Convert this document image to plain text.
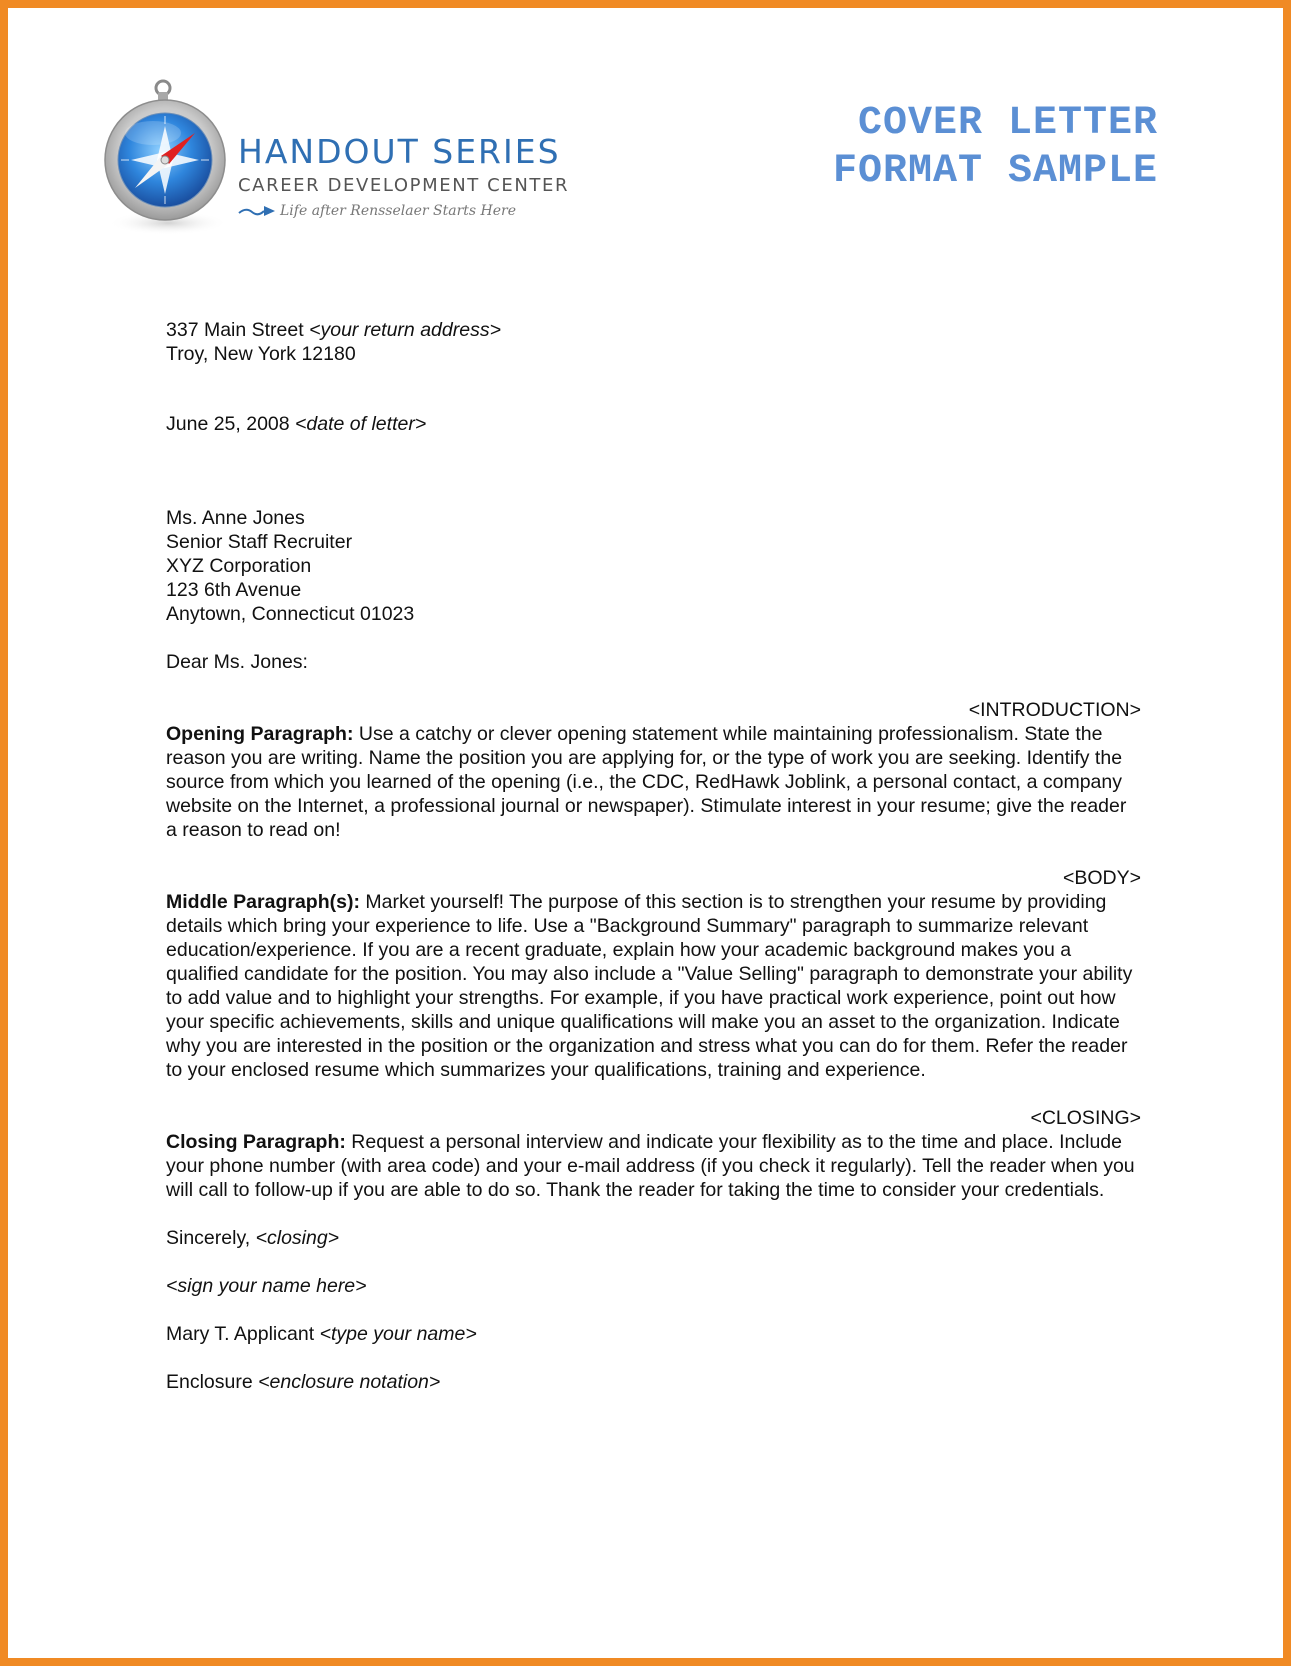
HANDOUT SERIES
CAREER DEVELOPMENT CENTER
Life after Rensselaer Starts Here
COVER LETTER
FORMAT SAMPLE
337 Main Street <your return address>
Troy, New York 12180
June 25, 2008 <date of letter>
Ms. Anne Jones
Senior Staff Recruiter
XYZ Corporation
123 6th Avenue
Anytown, Connecticut 01023
Dear Ms. Jones:
<INTRODUCTION>

Opening Paragraph: Use a catchy or clever opening statement while maintaining professionalism. State the reason you are writing. Name the position you are applying for, or the type of work you are seeking. Identify the source from which you learned of the opening (i.e., the CDC, RedHawk Joblink, a personal contact, a company website on the Internet, a professional journal or newspaper). Stimulate interest in your resume; give the reader a reason to read on!

<BODY>

Middle Paragraph(s): Market yourself! The purpose of this section is to strengthen your resume by providing details which bring your experience to life. Use a "Background Summary" paragraph to summarize relevant education/experience. If you are a recent graduate, explain how your academic background makes you a qualified candidate for the position. You may also include a "Value Selling" paragraph to demonstrate your ability to add value and to highlight your strengths. For example, if you have practical work experience, point out how your specific achievements, skills and unique qualifications will make you an asset to the organization. Indicate why you are interested in the position or the organization and stress what you can do for them. Refer the reader to your enclosed resume which summarizes your qualifications, training and experience.

<CLOSING>

Closing Paragraph: Request a personal interview and indicate your flexibility as to the time and place. Include your phone number (with area code) and your e-mail address (if you check it regularly). Tell the reader when you will call to follow-up if you are able to do so. Thank the reader for taking the time to consider your credentials.

Sincerely, <closing>
<sign your name here>
Mary T. Applicant <type your name>
Enclosure <enclosure notation>
